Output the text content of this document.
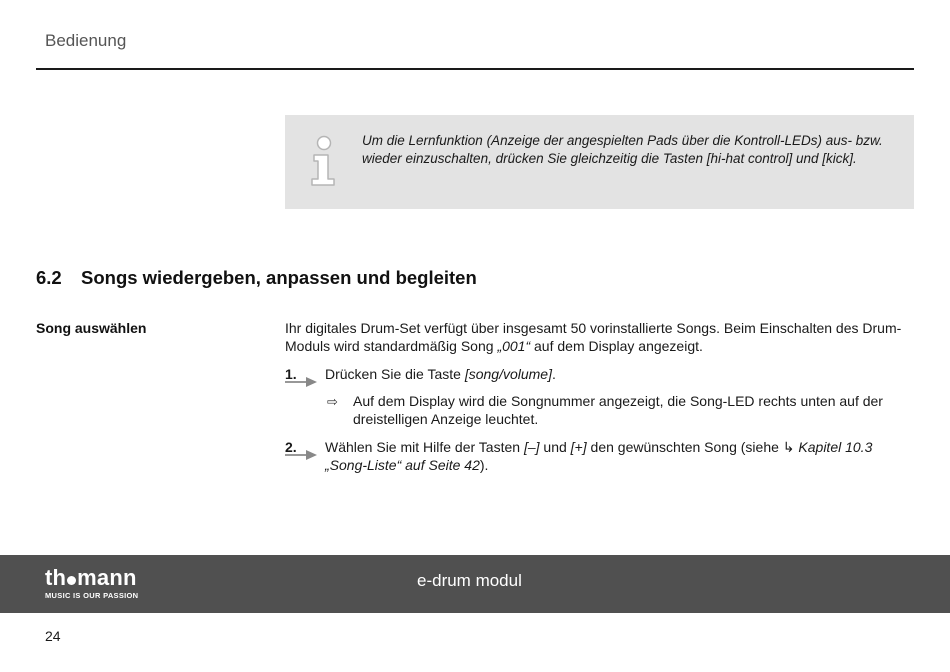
Bedienung
Um die Lernfunktion (Anzeige der angespielten Pads über die Kontroll-LEDs) aus- bzw. wieder einzuschalten, drücken Sie gleichzeitig die Tasten [hi-hat control] und [kick].
6.2 Songs wiedergeben, anpassen und begleiten
Song auswählen	Ihr digitales Drum-Set verfügt über insgesamt 50 vorinstallierte Songs. Beim Einschalten des Drum-Moduls wird standardmäßig Song „001“ auf dem Display angezeigt.

1.	Drücken Sie die Taste [song/volume].

⇨ Auf dem Display wird die Songnummer angezeigt, die Song-LED rechts unten auf der dreistelligen Anzeige leuchtet.

2.	Wählen Sie mit Hilfe der Tasten [–] und [+] den gewünschten Song (siehe ↳ Kapitel 10.3 „Song-Liste“ auf Seite 42).

th mann
MUSIC IS OUR PASSION
e-drum modul
24
